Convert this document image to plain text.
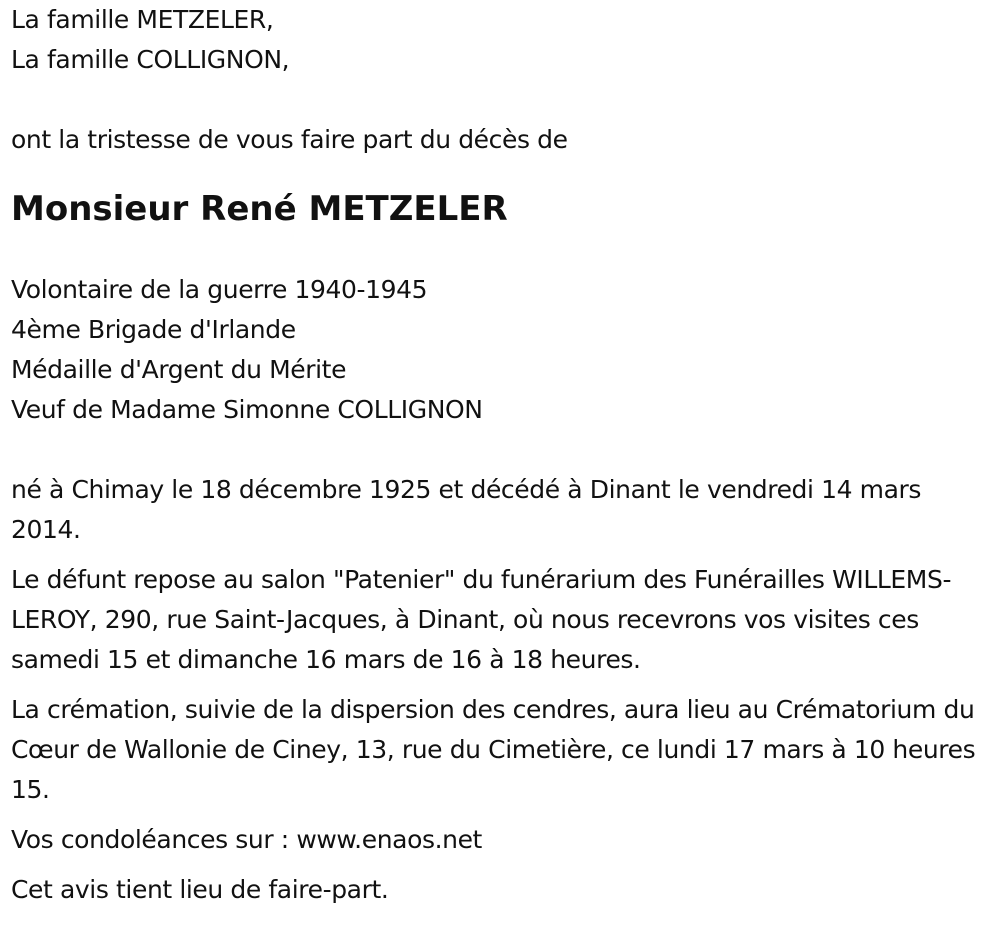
La famille METZELER,

La famille COLLIGNON,

ont la tristesse de vous faire part du décès de

Monsieur René METZELER

Volontaire de la guerre 1940-1945

4ème Brigade d'Irlande

Médaille d'Argent du Mérite

Veuf de Madame Simonne COLLIGNON

né à Chimay le 18 décembre 1925 et décédé à Dinant le vendredi 14 mars 2014.

Le défunt repose au salon "Patenier" du funérarium des Funérailles WILLEMS-LEROY, 290, rue Saint-Jacques, à Dinant, où nous recevrons vos visites ces samedi 15 et dimanche 16 mars de 16 à 18 heures.

La crémation, suivie de la dispersion des cendres, aura lieu au Crématorium du Cœur de Wallonie de Ciney, 13, rue du Cimetière, ce lundi 17 mars à 10 heures 15.

Vos condoléances sur : www.enaos.net

Cet avis tient lieu de faire-part.
